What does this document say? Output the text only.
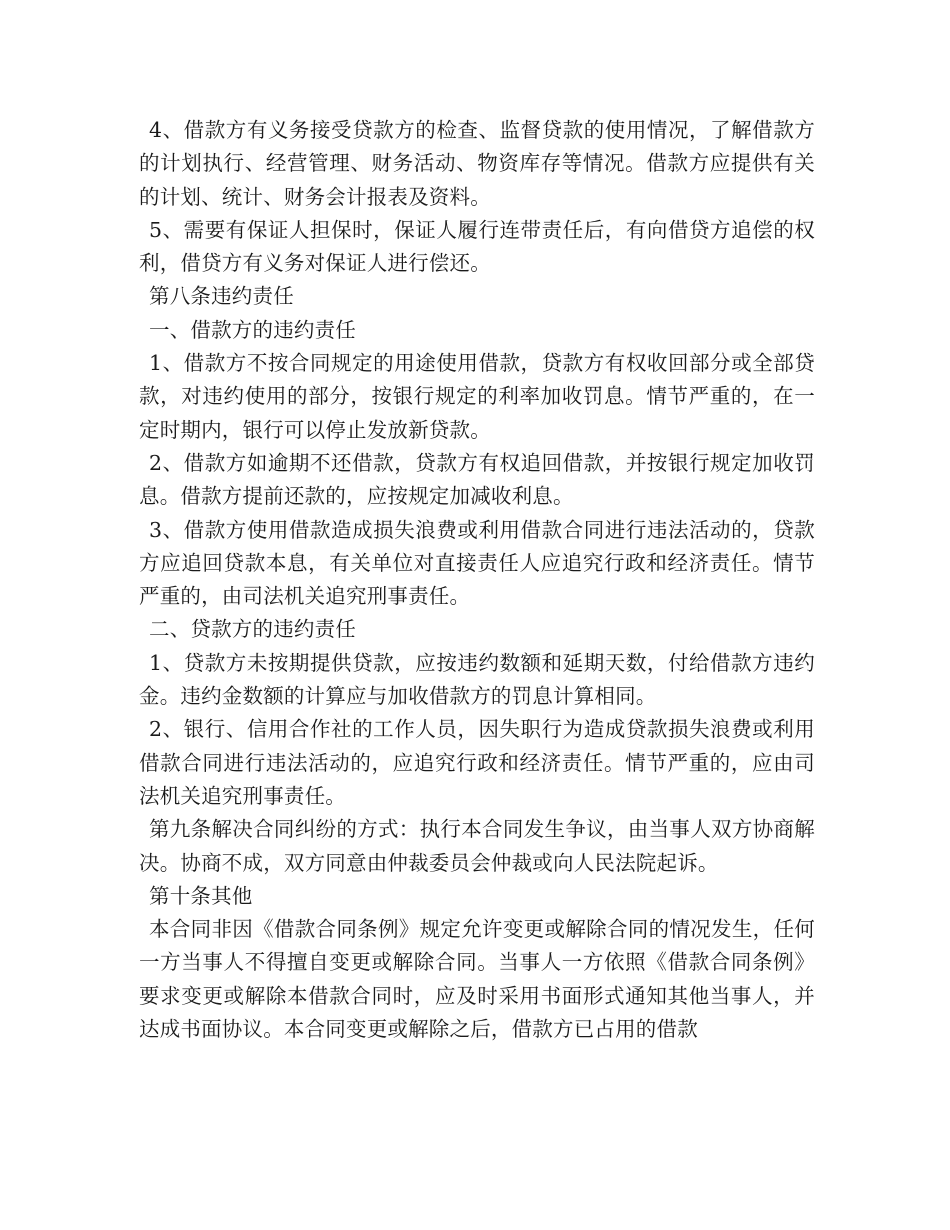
4、借款方有义务接受贷款方的检查、监督贷款的使用情况，了解借款方的计划执行、经营管理、财务活动、物资库存等情况。借款方应提供有关的计划、统计、财务会计报表及资料。

5、需要有保证人担保时，保证人履行连带责任后，有向借贷方追偿的权利，借贷方有义务对保证人进行偿还。

第八条违约责任

一、借款方的违约责任

1、借款方不按合同规定的用途使用借款，贷款方有权收回部分或全部贷款，对违约使用的部分，按银行规定的利率加收罚息。情节严重的，在一定时期内，银行可以停止发放新贷款。

2、借款方如逾期不还借款，贷款方有权追回借款，并按银行规定加收罚息。借款方提前还款的，应按规定加减收利息。

3、借款方使用借款造成损失浪费或利用借款合同进行违法活动的，贷款方应追回贷款本息，有关单位对直接责任人应追究行政和经济责任。情节严重的，由司法机关追究刑事责任。

二、贷款方的违约责任

1、贷款方未按期提供贷款，应按违约数额和延期天数，付给借款方违约金。违约金数额的计算应与加收借款方的罚息计算相同。

2、银行、信用合作社的工作人员，因失职行为造成贷款损失浪费或利用借款合同进行违法活动的，应追究行政和经济责任。情节严重的，应由司法机关追究刑事责任。

第九条解决合同纠纷的方式：执行本合同发生争议，由当事人双方协商解决。协商不成，双方同意由仲裁委员会仲裁或向人民法院起诉。

第十条其他

本合同非因《借款合同条例》规定允许变更或解除合同的情况发生，任何一方当事人不得擅自变更或解除合同。当事人一方依照《借款合同条例》要求变更或解除本借款合同时，应及时采用书面形式通知其他当事人，并达成书面协议。本合同变更或解除之后，借款方已占用的借款
